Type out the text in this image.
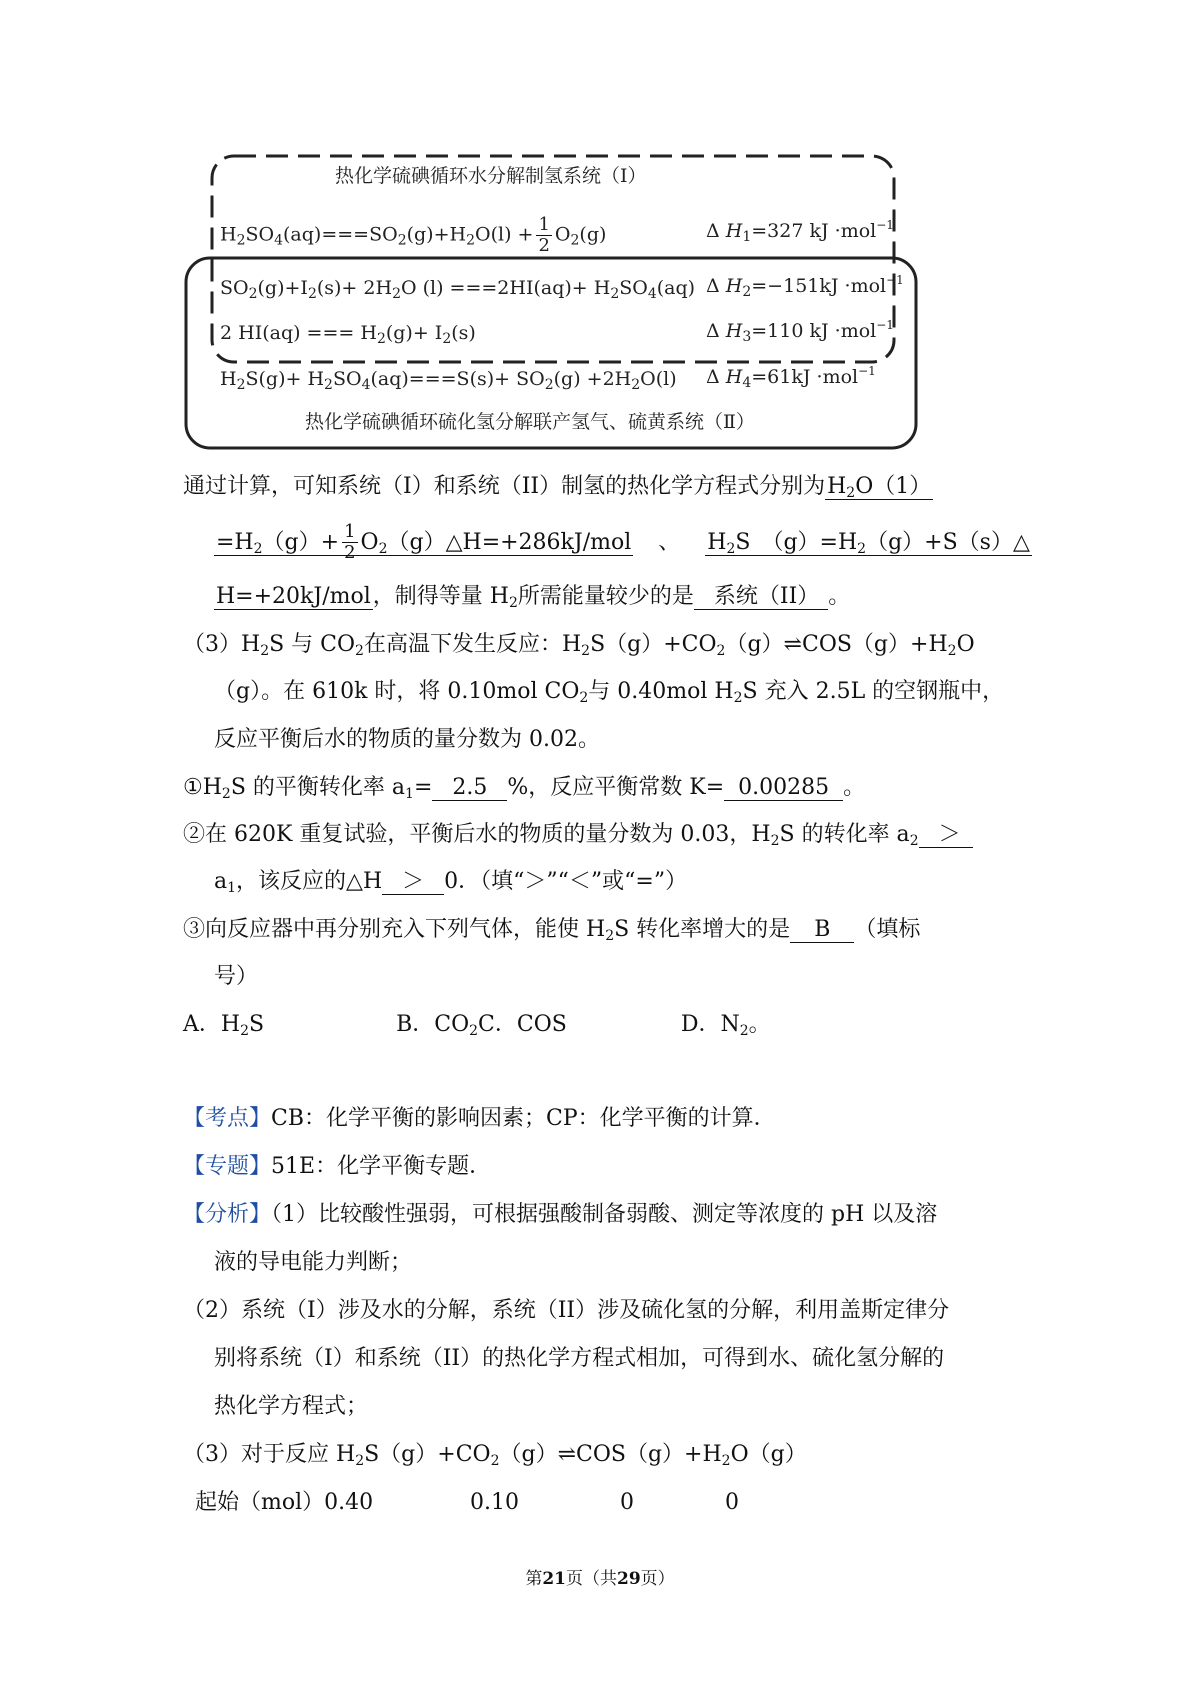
热化学硫碘循环水分解制氢系统（Ⅰ）
$H_2SO_4(aq)===SO_2(g)+H_2O(l) + \frac{1}{2} O_2(g)$	Δ $H_1=327$ kJ ·mol$^{-1}$
$SO_2(g)+I_2(s)+ 2H_2O$ $(l) ===2HI(aq)+ H_2SO_4(aq)$ Δ $H_2=-151kJ \cdot mol^{-1}$
2 HI(aq) === $H_2(g)+ I_2(s)$	Δ $H_3=110$ kJ ·mol$^{-1}$
$H_2S(g)+ H_2SO_4(aq)===S(s)+ SO_2(g) +2H_2O(l)$ Δ $H_4=61kJ \cdot mol^{-1}$
热化学硫碘循环硫化氢分解联产氢气、硫黄系统（Ⅱ）
通过计算，可知系统（I）和系统（II）制氢的热化学方程式分别为$H_2O(1)$
$=H_2(g)+ \frac{1}{2}$ $O_2(g)\triangle H=+286kJ$/mol 、 $H_2S$　$(g)=H_2(g)+S(s)\triangle$
H=+20kJ/mol，制得等量 $H_2$所需能量较少的是 系统（II） 。
$(3)H_2S$ 与 $CO_2$在高温下发生反应：$H_2S(g)+CO_2(g)\rightleftharpoons COS(g)+H_2O$
（g）。在 610k 时，将 0.10mol $CO_2$与 0.40mol $H_2S$ 充入 2.5L 的空钢瓶中，
反应平衡后水的物质的量分数为 0.02。
$①H_2S$ 的平衡转化率 $a_1= 2.5$ %，反应平衡常数 K= 0.00285 。
②在 620K 重复试验，平衡后水的物质的量分数为 0.03，$H_2S$ 的转化率 $a_2$ ＞
$a_1$，该反应的△H ＞ 0．（填“＞”“＜”或“=”）
③向反应器中再分别充入下列气体，能使 $H_2S$ 转化率增大的是 B （填标
号）
A．$H_2S$	B．$CO_2C$．COS	D．$N_2$。
【考点】CB：化学平衡的影响因素；CP：化学平衡的计算．
【专题】51E：化学平衡专题．
【分析】（1）比较酸性强弱，可根据强酸制备弱酸、测定等浓度的 pH 以及溶
液的导电能力判断；
（2）系统（I）涉及水的分解，系统（II）涉及硫化氢的分解，利用盖斯定律分
别将系统（I）和系统（II）的热化学方程式相加，可得到水、硫化氢分解的
热化学方程式；
（3）对于反应 $H_2S(g)+CO_2(g)\rightleftharpoons COS(g)+H_2O(g)$
起始（mol）0.40	0.10	0	0
第21页（共29页）
